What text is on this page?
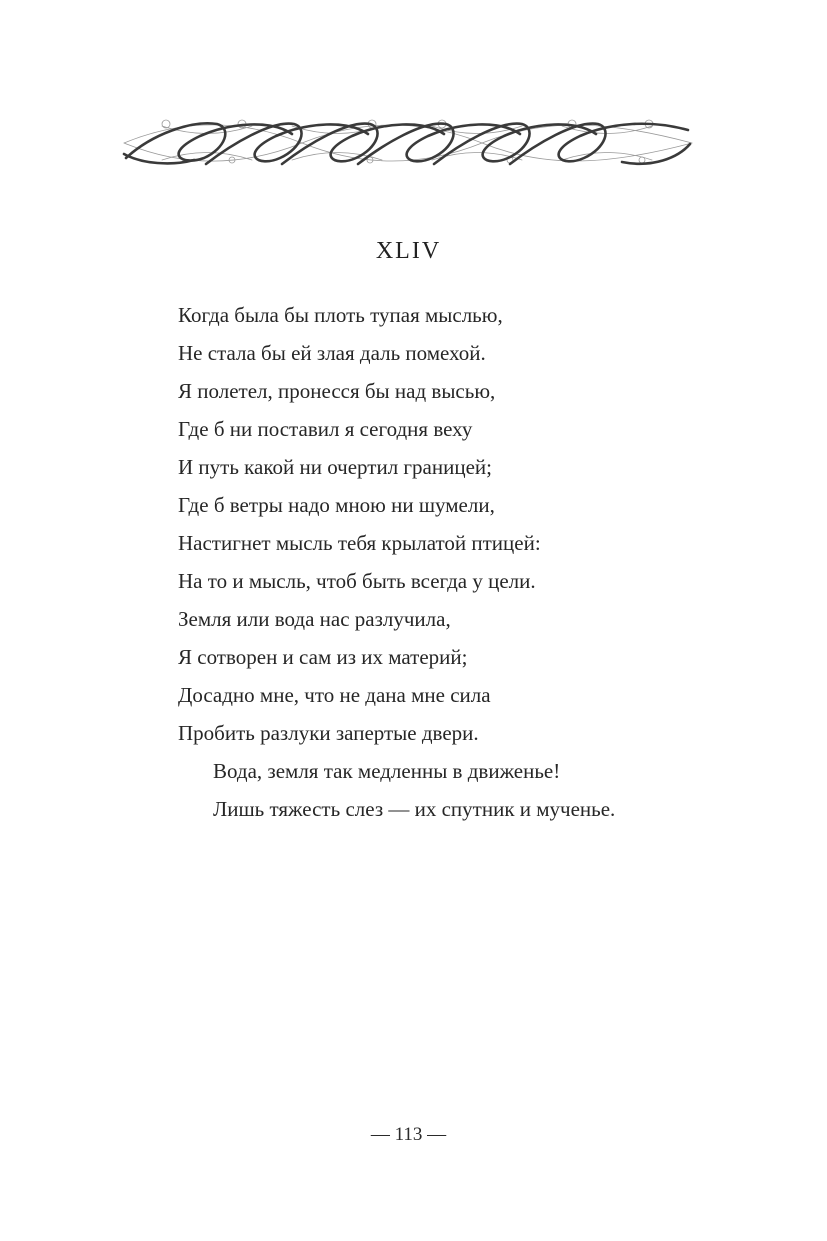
XLIV
Когда была бы плоть тупая мыслью,
Не стала бы ей злая даль помехой.
Я полетел, пронесся бы над высью,
Где б ни поставил я сегодня веху
И путь какой ни очертил границей;
Где б ветры надо мною ни шумели,
Настигнет мысль тебя крылатой птицей:
На то и мысль, чтоб быть всегда у цели.
Земля или вода нас разлучила,
Я сотворен и сам из их материй;
Досадно мне, что не дана мне сила
Пробить разлуки запертые двери.
Вода, земля так медленны в движенье!
Лишь тяжесть слез — их спутник и мученье.
— 113 —
